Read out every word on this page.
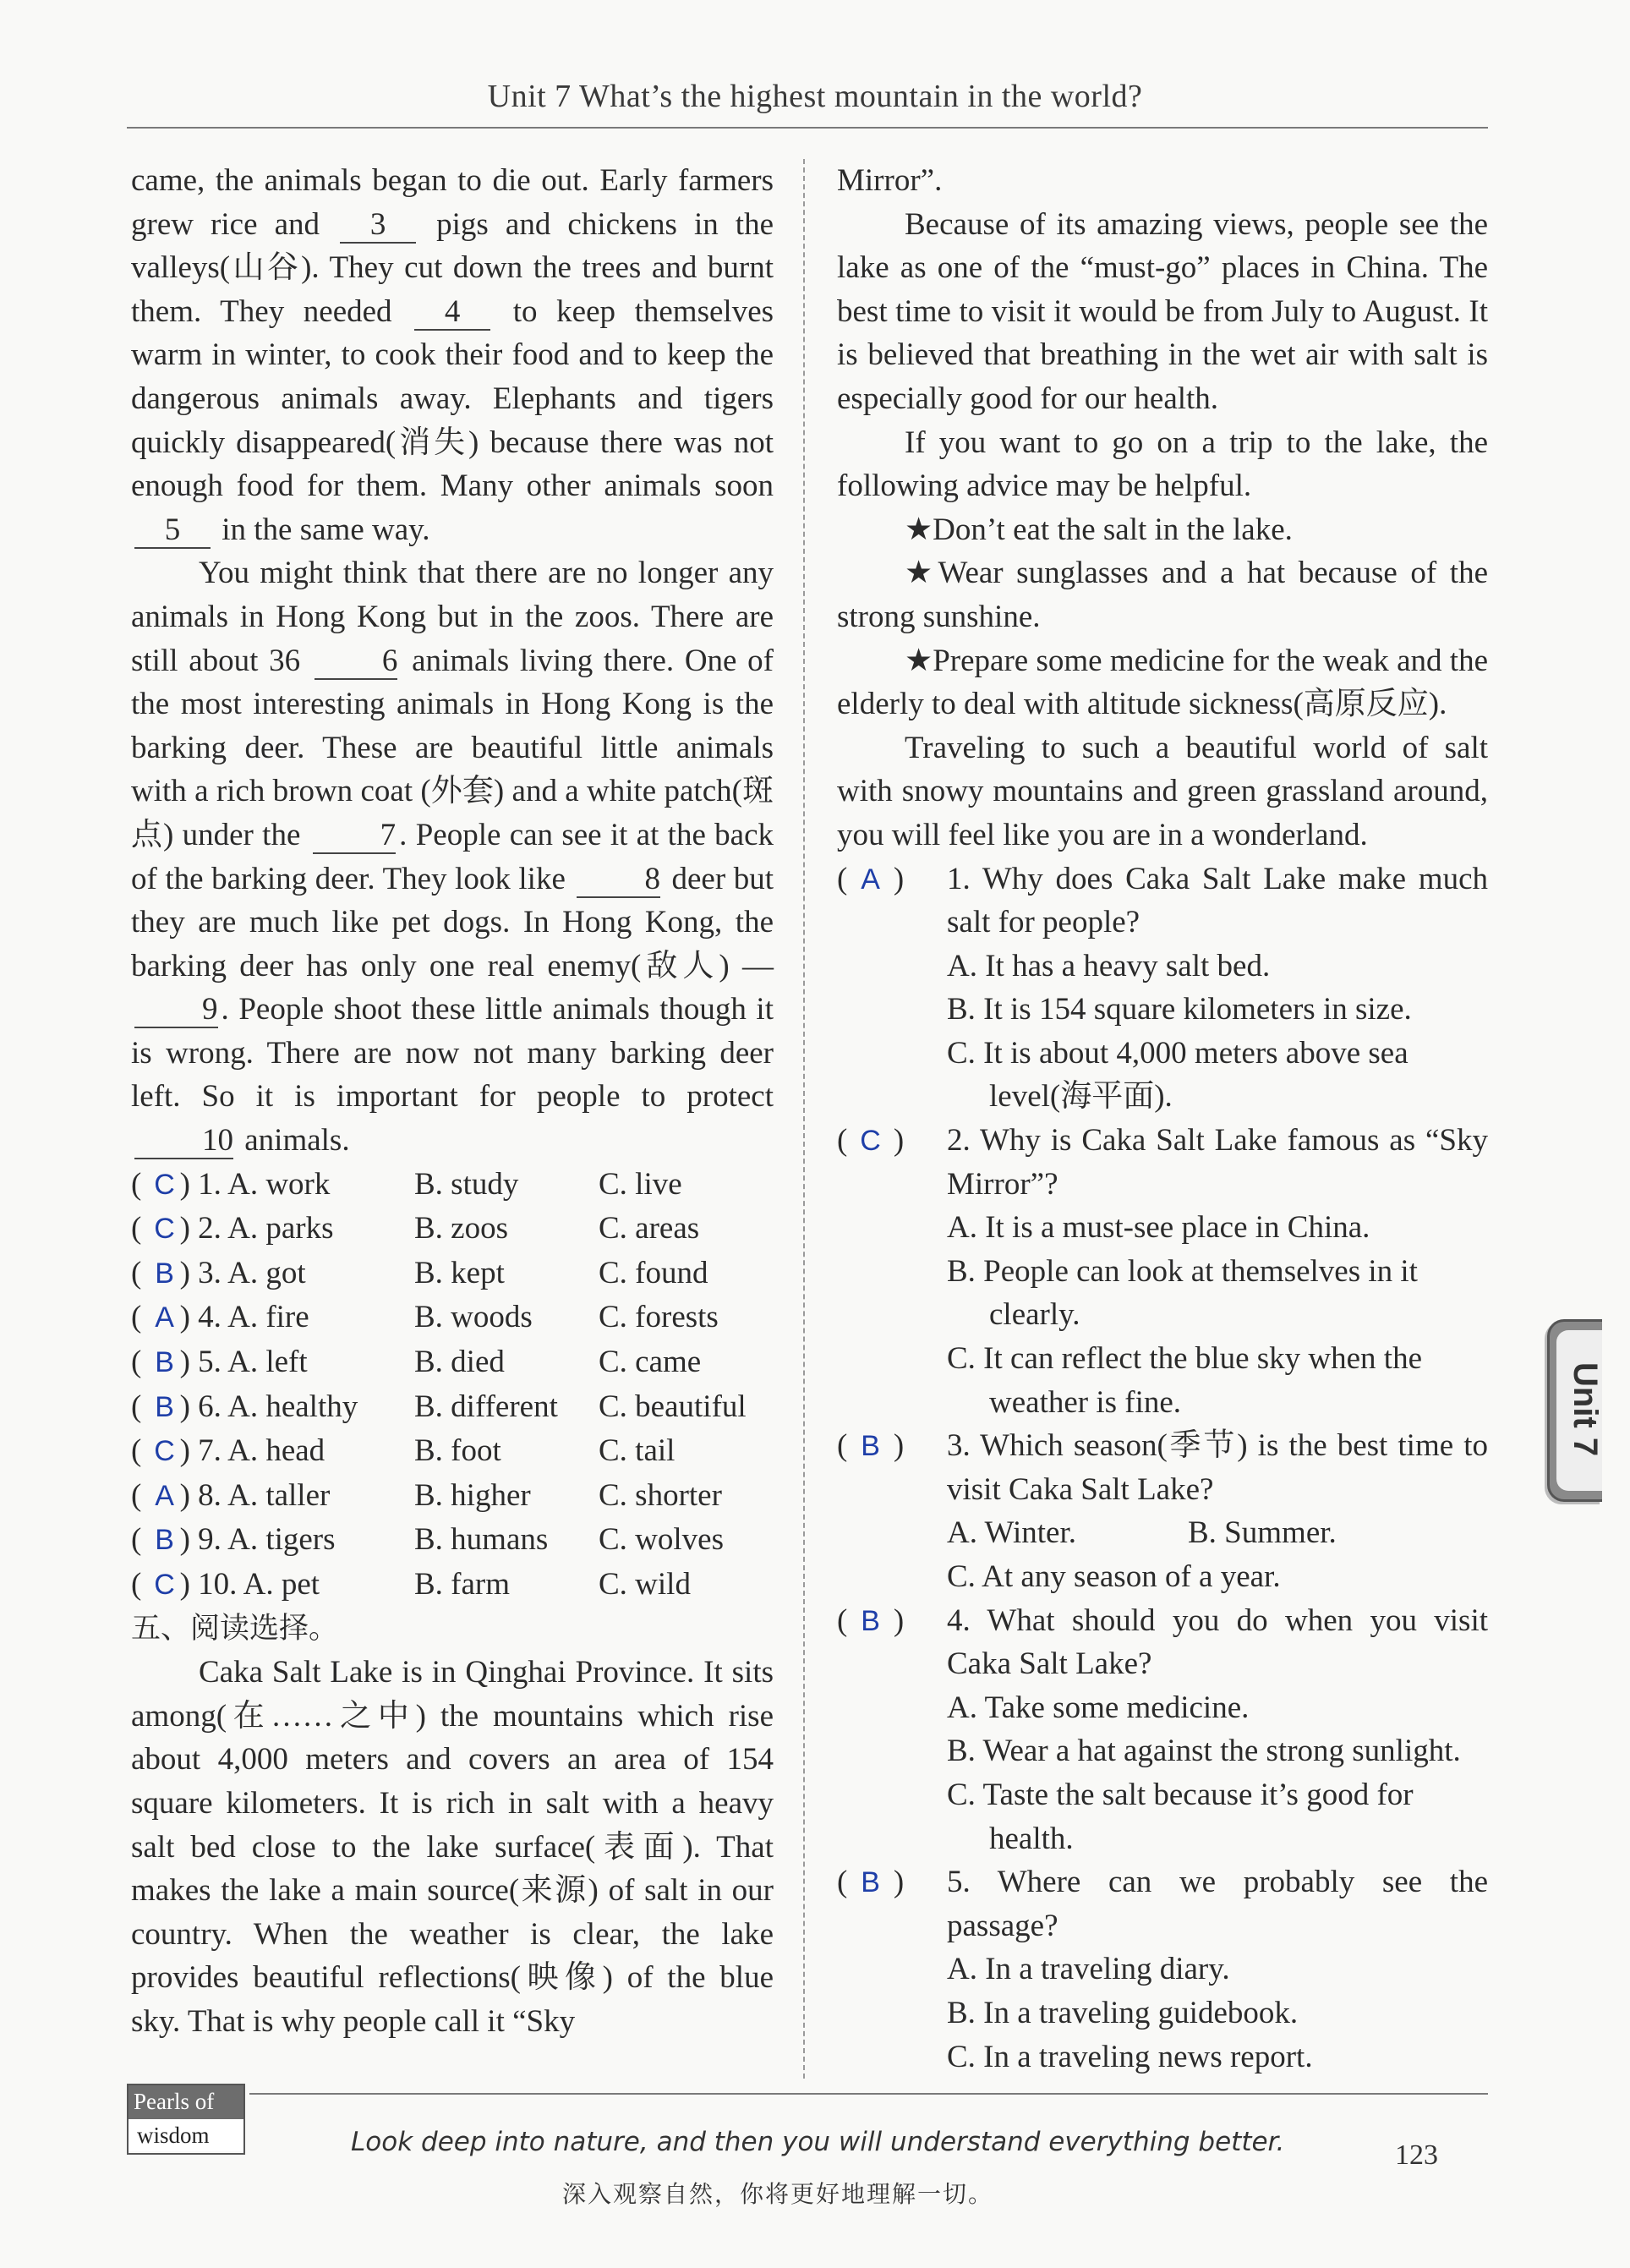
Unit 7 What’s the highest mountain in the world?

came, the animals began to die out. Early farmers grew rice and 3 pigs and chickens in the valleys(山谷). They cut down the trees and burnt them. They needed 4 to keep themselves warm in winter, to cook their food and to keep the dangerous animals away. Elephants and tigers quickly disappeared(消失) because there was not enough food for them. Many other animals soon 5 in the same way.

You might think that there are no longer any animals in Hong Kong but in the zoos. There are still about 36	6 animals living there. One of the most interesting animals in Hong Kong is the barking deer. These are beautiful little animals with a rich brown coat (外套) and a white patch(斑点) under the	7 . People can see it at the back of the barking deer. They look like	8 deer but they are much like pet dogs. In Hong Kong, the barking deer has only one real enemy(敌人) — 9 . People shoot these little animals though it is wrong. There are now not many barking deer left. So it is important for people to protect 10 animals.

( C ) 1. A. work	B. study	C. live
( C ) 2. A. parks	B. zoos	C. areas
( B ) 3. A. got	B. kept	C. found
( A ) 4. A. fire	B. woods	C. forests
( B ) 5. A. left	B. died	C. came
( B ) 6. A. healthy	B. different	C. beautiful
( C ) 7. A. head	B. foot	C. tail
( A ) 8. A. taller	B. higher	C. shorter
( B ) 9. A. tigers	B. humans	C. wolves
( C ) 10. A. pet	B. farm	C. wild
五、阅读选择。

Caka Salt Lake is in Qinghai Province. It sits among(在……之中) the mountains which rise about 4,000 meters and covers an area of 154 square kilometers. It is rich in salt with a heavy salt bed close to the lake surface(表面). That makes the lake a main source(来源) of salt in our country. When the weather is clear, the lake provides beautiful reflections(映像) of the blue sky. That is why people call it “Sky

Mirror”.

Because of its amazing views, people see the lake as one of the “must-go” places in China. The best time to visit it would be from July to August. It is believed that breathing in the wet air with salt is especially good for our health.

If you want to go on a trip to the lake, the following advice may be helpful.

★Don’t eat the salt in the lake.

★Wear sunglasses and a hat because of the strong sunshine.

★Prepare some medicine for the weak and the elderly to deal with altitude sickness(高原反应).

Traveling to such a beautiful world of salt with snowy mountains and green grassland around, you will feel like you are in a wonderland.

( A )	1. Why does Caka Salt Lake make much salt for people?
A. It has a heavy salt bed.
B. It is 154 square kilometers in size.
C. It is about 4,000 meters above sea
level(海平面).
( C )	2. Why is Caka Salt Lake famous as “Sky Mirror”?
A. It is a must-see place in China.
B. People can look at themselves in it
clearly.
C. It can reflect the blue sky when the
weather is fine.
( B )	3. Which season(季节) is the best time to visit Caka Salt Lake?
A. Winter.	B. Summer.
C. At any season of a year.
( B )	4. What should you do when you visit Caka Salt Lake?
A. Take some medicine.
B. Wear a hat against the strong sunlight.
C. Taste the salt because it’s good for
health.
( B )	5. Where can we probably see the passage?
A. In a traveling diary.
B. In a traveling guidebook.
C. In a traveling news report.
Unit 7
Pearls of
wisdom	Look deep into nature, and then you will understand everything better.
深入观察自然，你将更好地理解一切。
123
